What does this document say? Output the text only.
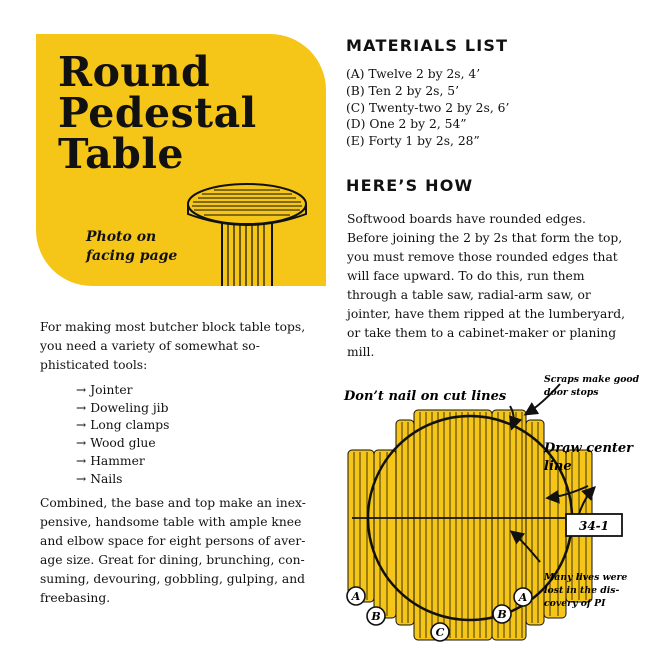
Round
Pedestal
Table
Photo on
facing page

For making most butcher block table tops, you need a variety of somewhat so-phisticated tools:

→ Jointer
→ Doweling jib
→ Long clamps
→ Wood glue
→ Hammer
→ Nails

Combined, the base and top make an inex-pensive, handsome table with ample knee and elbow space for eight persons of aver-age size. Great for dining, brunching, con-suming, devouring, gobbling, gulping, and freebasing.

MATERIALS LIST
(A) Twelve 2 by 2s, 4’
(B) Ten 2 by 2s, 5’
(C) Twenty-two 2 by 2s, 6’
(D) One 2 by 2, 54”
(E) Forty 1 by 2s, 28”
HERE’S HOW

Softwood boards have rounded edges. Before joining the 2 by 2s that form the top, you must remove those rounded edges that will face upward. To do this, run them through a table saw, radial-arm saw, or jointer, have them ripped at the lumberyard, or take them to a cabinet-maker or planing mill.

Don’t nail on cut lines
Scraps make good
door stops
Draw center
line
34-1
Many lives were
lost in the dis-
covery of PI
A
B
C
B
A
